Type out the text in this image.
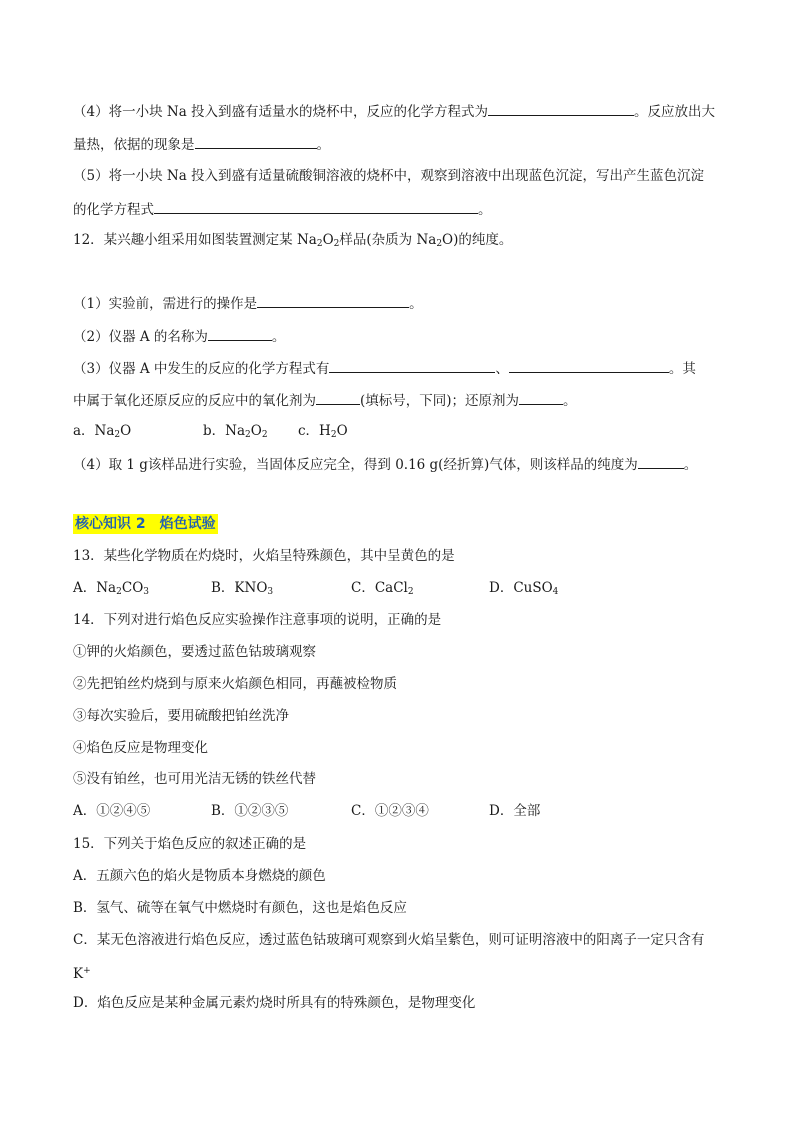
（4）将一小块 Na 投入到盛有适量水的烧杯中，反应的化学方程式为	。反应放出大
量热，依据的现象是	。
（5）将一小块 Na 投入到盛有适量硫酸铜溶液的烧杯中，观察到溶液中出现蓝色沉淀，写出产生蓝色沉淀
的化学方程式	。
12．某兴趣小组采用如图装置测定某 $Na_2O_2$样品(杂质为 $Na_2O$)的纯度。
（1）实验前，需进行的操作是	。
（2）仪器 A 的名称为	。
（3）仪器 A 中发生的反应的化学方程式有	、	。其
中属于氧化还原反应的反应中的氧化剂为	(填标号，下同)；还原剂为	。
a．$Na_2O$	b．$Na_2O_2$ c．$H_2O$
（4）取 1 g该样品进行实验，当固体反应完全，得到 0.16 g(经折算)气体，则该样品的纯度为	。
核心知识 2 焰色试验
13．某些化学物质在灼烧时，火焰呈特殊颜色，其中呈黄色的是
A．$Na_2CO_3$	B．$KNO_3$	C．CaCl$_2$	D．CuSO$_4$
14．下列对进行焰色反应实验操作注意事项的说明，正确的是
①钾的火焰颜色，要透过蓝色钴玻璃观察
②先把铂丝灼烧到与原来火焰颜色相同，再蘸被检物质
③每次实验后，要用硫酸把铂丝洗净
④焰色反应是物理变化
⑤没有铂丝，也可用光洁无锈的铁丝代替
A．①②④⑤	B．①②③⑤	C．①②③④	D．全部
15．下列关于焰色反应的叙述正确的是
A．五颜六色的焰火是物质本身燃烧的颜色
B．氢气、硫等在氧气中燃烧时有颜色，这也是焰色反应
C．某无色溶液进行焰色反应，透过蓝色钴玻璃可观察到火焰呈紫色，则可证明溶液中的阳离子一定只含有
K+
D．焰色反应是某种金属元素灼烧时所具有的特殊颜色，是物理变化
